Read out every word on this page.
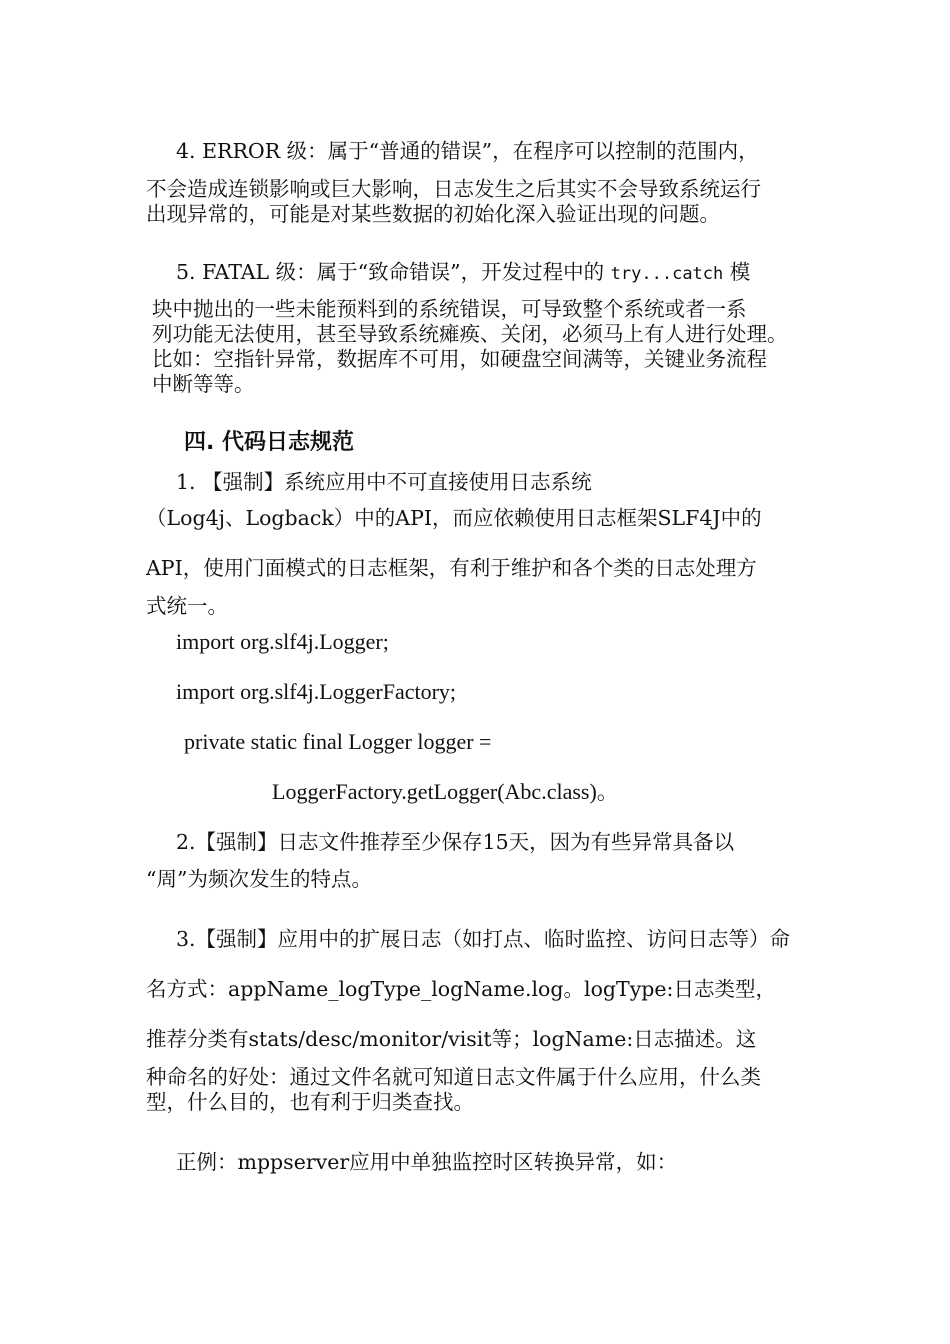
4. ERROR 级：属于“普通的错误”，在程序可以控制的范围内，
不会造成连锁影响或巨大影响，日志发生之后其实不会导致系统运行
出现异常的，可能是对某些数据的初始化深入验证出现的问题。
5. FATAL 级：属于“致命错误”，开发过程中的 try...catch 模
块中抛出的一些未能预料到的系统错误，可导致整个系统或者一系
列功能无法使用，甚至导致系统瘫痪、关闭，必须马上有人进行处理。
比如：空指针异常，数据库不可用，如硬盘空间满等，关键业务流程
中断等等。
四. 代码日志规范
1. 【强制】系统应用中不可直接使用日志系统
（Log4j、Logback）中的API，而应依赖使用日志框架SLF4J中的
API，使用门面模式的日志框架，有利于维护和各个类的日志处理方
式统一。
import org.slf4j.Logger;
import org.slf4j.LoggerFactory;
private static final Logger logger =
LoggerFactory.getLogger(Abc.class)。
2.【强制】日志文件推荐至少保存15天，因为有些异常具备以
“周”为频次发生的特点。
3.【强制】应用中的扩展日志（如打点、临时监控、访问日志等）命
名方式：appName_logType_logName.log。logType:日志类型，
推荐分类有stats/desc/monitor/visit等；logName:日志描述。这
种命名的好处：通过文件名就可知道日志文件属于什么应用，什么类
型，什么目的，也有利于归类查找。
正例：mppserver应用中单独监控时区转换异常，如：
